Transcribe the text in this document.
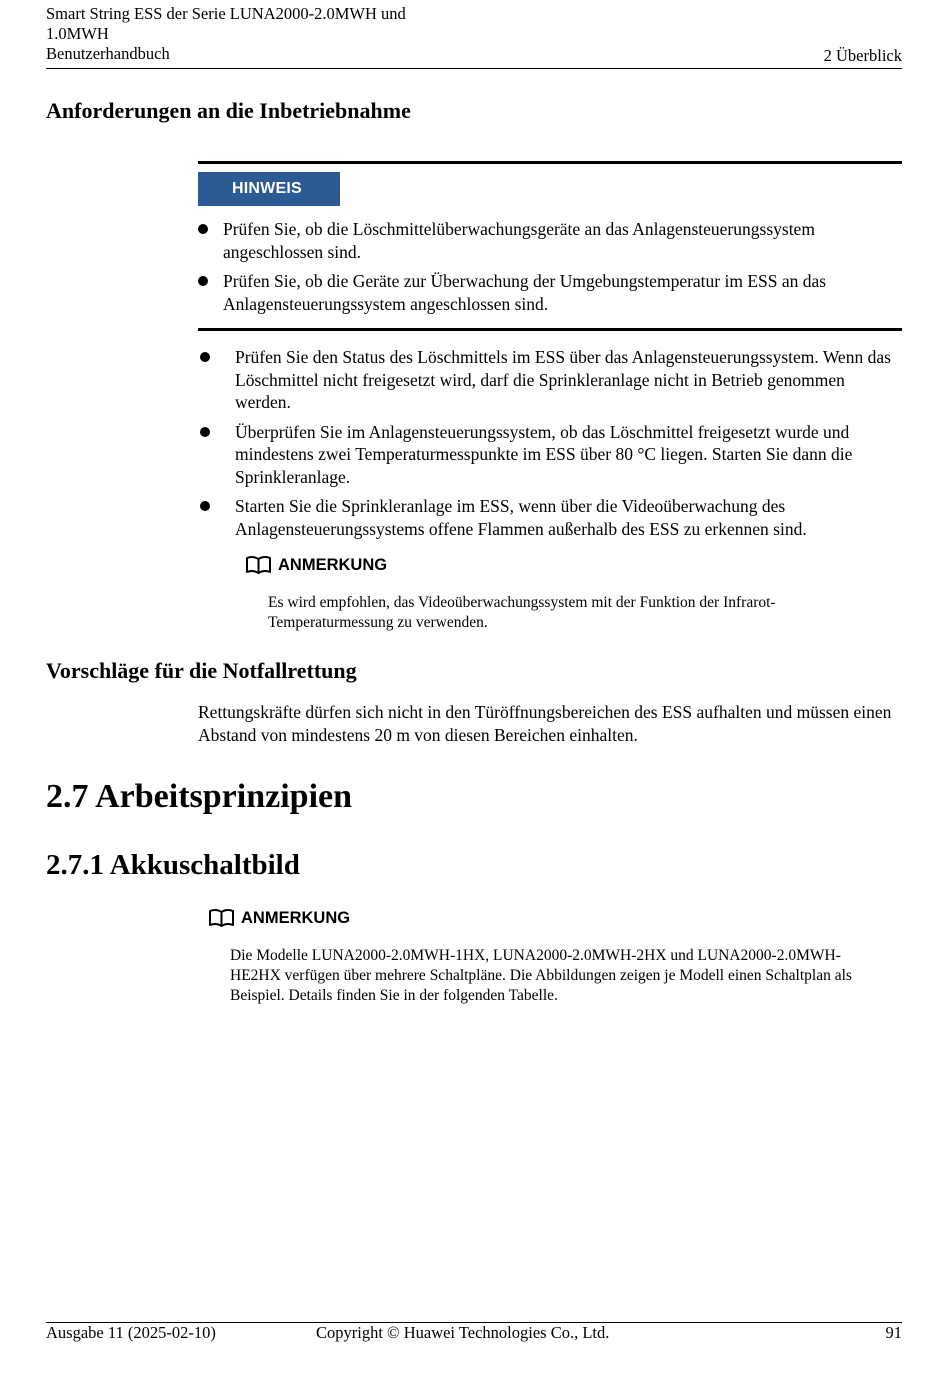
Smart String ESS der Serie LUNA2000-2.0MWH und
1.0MWH
Benutzerhandbuch	2 Überblick
Anforderungen an die Inbetriebnahme
HINWEIS
Prüfen Sie, ob die Löschmittelüberwachungsgeräte an das Anlagensteuerungssystem angeschlossen sind.
Prüfen Sie, ob die Geräte zur Überwachung der Umgebungstemperatur im ESS an das Anlagensteuerungssystem angeschlossen sind.
Prüfen Sie den Status des Löschmittels im ESS über das Anlagensteuerungssystem. Wenn das Löschmittel nicht freigesetzt wird, darf die Sprinkleranlage nicht in Betrieb genommen werden.
Überprüfen Sie im Anlagensteuerungssystem, ob das Löschmittel freigesetzt wurde und mindestens zwei Temperaturmesspunkte im ESS über 80 °C liegen. Starten Sie dann die Sprinkleranlage.
Starten Sie die Sprinkleranlage im ESS, wenn über die Videoüberwachung des Anlagensteuerungssystems offene Flammen außerhalb des ESS zu erkennen sind.
ANMERKUNG
Es wird empfohlen, das Videoüberwachungssystem mit der Funktion der Infrarot-Temperaturmessung zu verwenden.
Vorschläge für die Notfallrettung
Rettungskräfte dürfen sich nicht in den Türöffnungsbereichen des ESS aufhalten und müssen einen Abstand von mindestens 20 m von diesen Bereichen einhalten.
2.7 Arbeitsprinzipien
2.7.1 Akkuschaltbild
ANMERKUNG
Die Modelle LUNA2000-2.0MWH-1HX, LUNA2000-2.0MWH-2HX und LUNA2000-2.0MWH-HE2HX verfügen über mehrere Schaltpläne. Die Abbildungen zeigen je Modell einen Schaltplan als Beispiel. Details finden Sie in der folgenden Tabelle.
Ausgabe 11 (2025-02-10)	Copyright © Huawei Technologies Co., Ltd.	91
